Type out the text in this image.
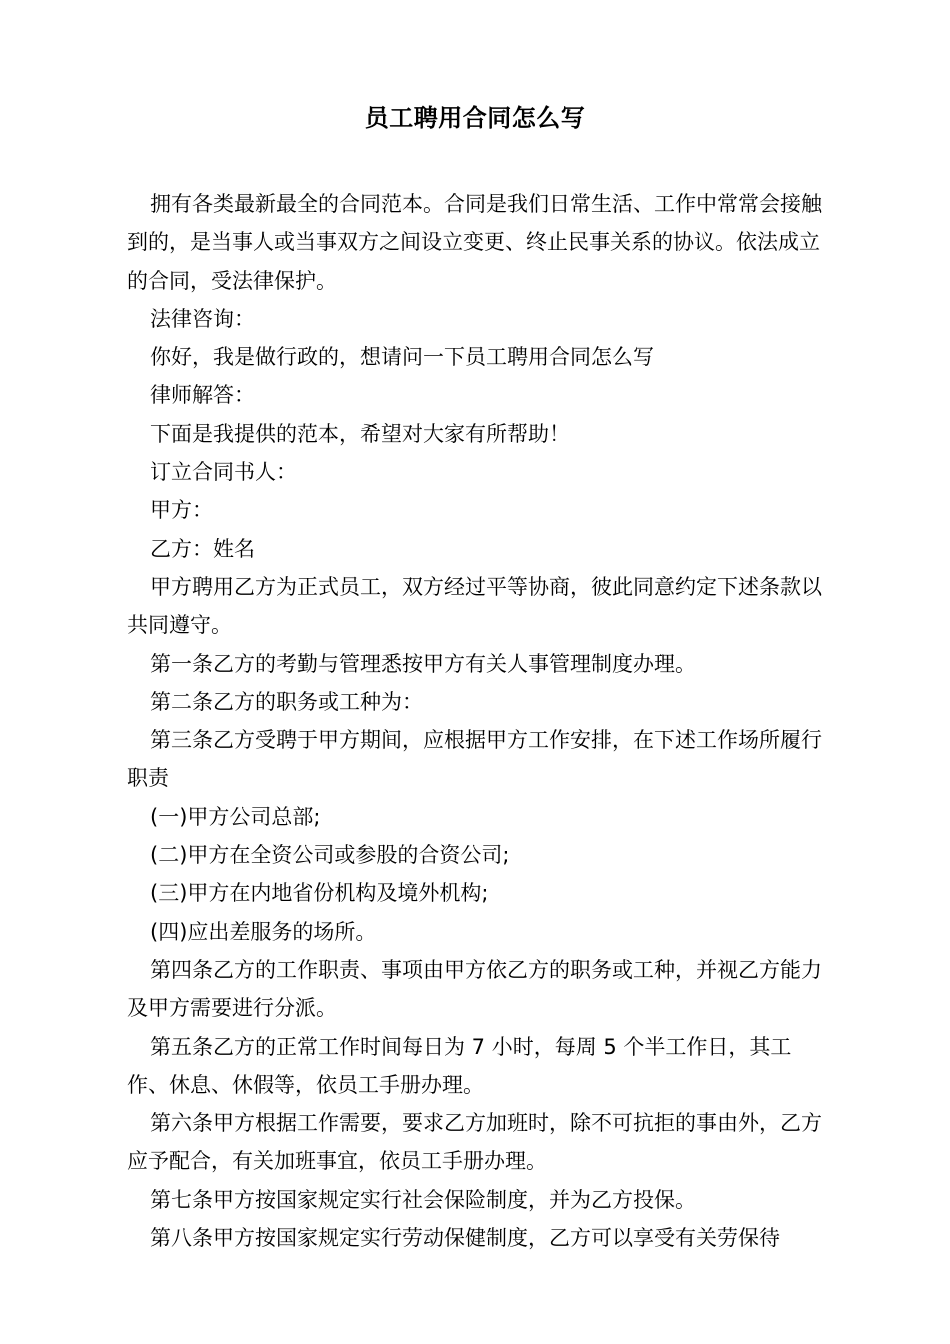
员工聘用合同怎么写

拥有各类最新最全的合同范本。合同是我们日常生活、工作中常常会接触到的，是当事人或当事双方之间设立变更、终止民事关系的协议。依法成立的合同，受法律保护。

法律咨询：

你好，我是做行政的，想请问一下员工聘用合同怎么写

律师解答：

下面是我提供的范本，希望对大家有所帮助！

订立合同书人：

甲方：

乙方：姓名

甲方聘用乙方为正式员工，双方经过平等协商，彼此同意约定下述条款以共同遵守。

第一条乙方的考勤与管理悉按甲方有关人事管理制度办理。

第二条乙方的职务或工种为：

第三条乙方受聘于甲方期间，应根据甲方工作安排，在下述工作场所履行职责

(一)甲方公司总部;

(二)甲方在全资公司或参股的合资公司;

(三)甲方在内地省份机构及境外机构;

(四)应出差服务的场所。

第四条乙方的工作职责、事项由甲方依乙方的职务或工种，并视乙方能力及甲方需要进行分派。

第五条乙方的正常工作时间每日为 7 小时，每周 5 个半工作日，其工作、休息、休假等，依员工手册办理。

第六条甲方根据工作需要，要求乙方加班时，除不可抗拒的事由外，乙方应予配合，有关加班事宜，依员工手册办理。

第七条甲方按国家规定实行社会保险制度，并为乙方投保。

第八条甲方按国家规定实行劳动保健制度，乙方可以享受有关劳保待
